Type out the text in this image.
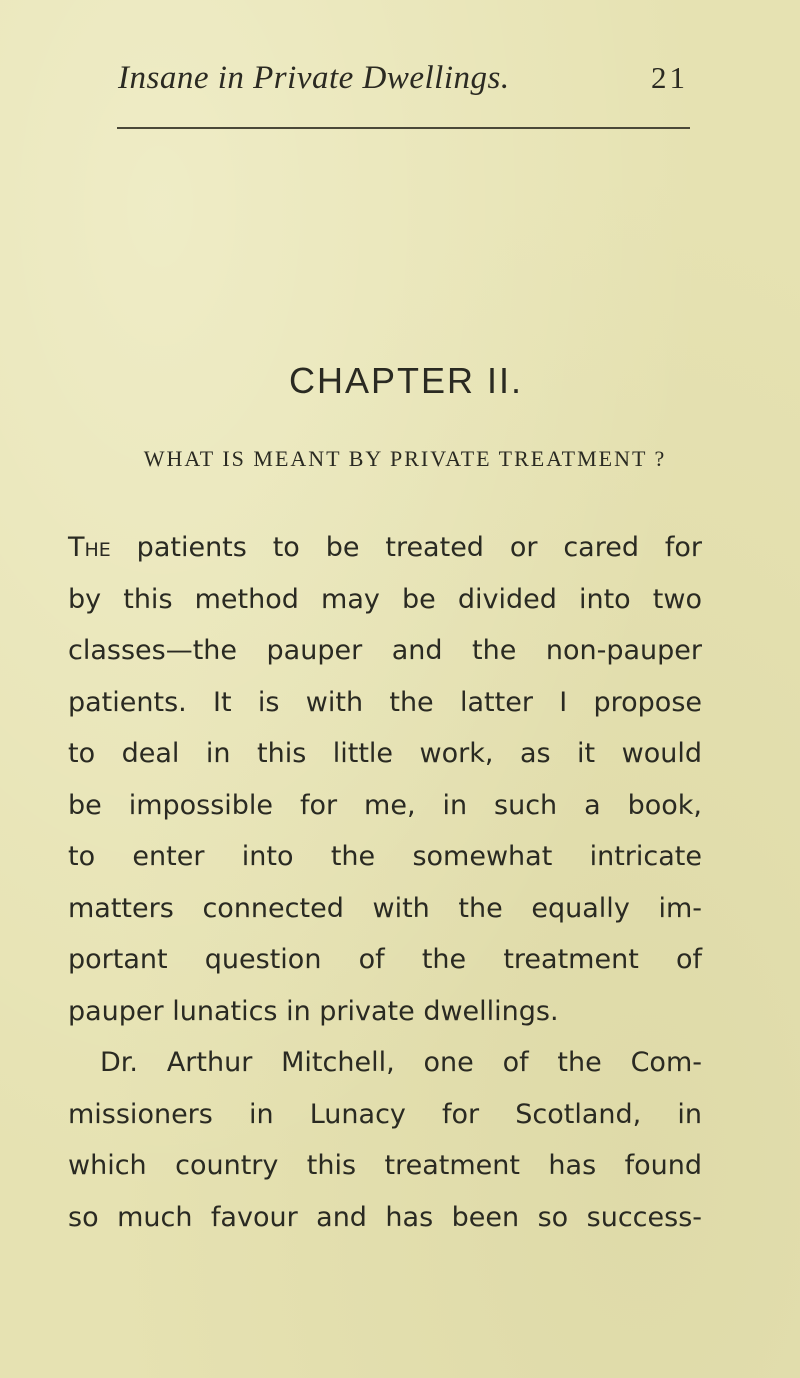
Insane in Private Dwellings.	21
CHAPTER II.
WHAT IS MEANT BY PRIVATE TREATMENT ?
The patients to be treated or cared for
by this method may be divided into two
classes—the pauper and the non-pauper
patients. It is with the latter I propose
to deal in this little work, as it would
be impossible for me, in such a book,
to enter into the somewhat intricate
matters connected with the equally im-
portant question of the treatment of
pauper lunatics in private dwellings.
Dr. Arthur Mitchell, one of the Com-
missioners in Lunacy for Scotland, in
which country this treatment has found
so much favour and has been so success-
